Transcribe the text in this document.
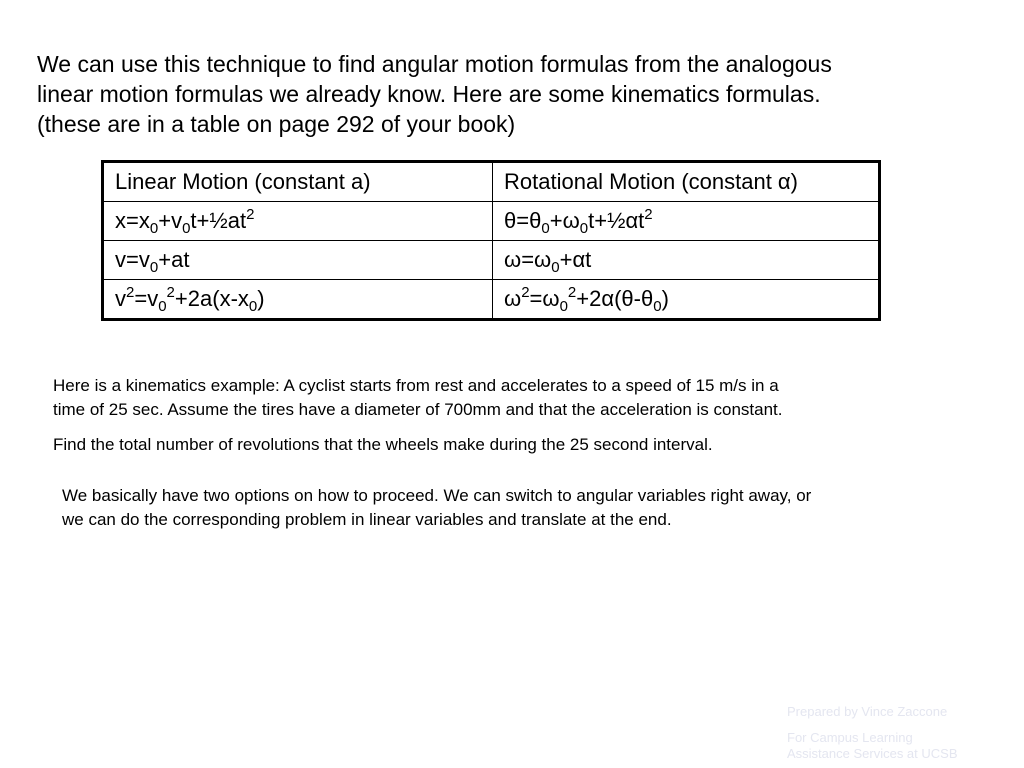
We can use this technique to find angular motion formulas from the analogous
linear motion formulas we already know. Here are some kinematics formulas.
(these are in a table on page 292 of your book)
Linear Motion (constant a)	Rotational Motion (constant α)
$x=x_0+v_0t+\frac{1}{2}at^2$	$\theta=\theta_0+\omega_0t+\frac{1}{2}\alpha t^2$
$v=v_0+at$	$\omega=\omega_0+\alpha t$
$v^2=v_0^2+2a(x-x_0)$	$\omega^2=\omega_0^2+2\alpha(\theta-\theta_0)$
Here is a kinematics example: A cyclist starts from rest and accelerates to a speed of 15 m/s in a
time of 25 sec. Assume the tires have a diameter of 700mm and that the acceleration is constant.
Find the total number of revolutions that the wheels make during the 25 second interval.
We basically have two options on how to proceed. We can switch to angular variables right away, or
we can do the corresponding problem in linear variables and translate at the end.
Prepared by Vince Zaccone
For Campus Learning
Assistance Services at UCSB
